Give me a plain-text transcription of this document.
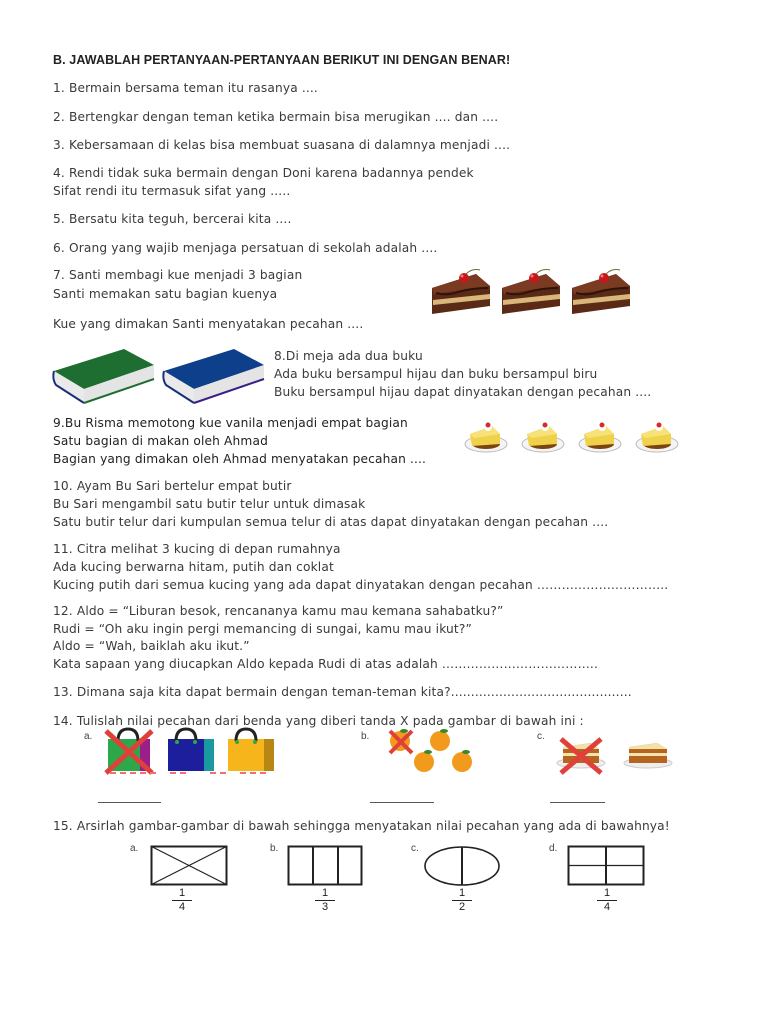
B. JAWABLAH PERTANYAAN-PERTANYAAN BERIKUT INI DENGAN BENAR!
1. Bermain bersama teman itu rasanya ....
2. Bertengkar dengan teman ketika bermain bisa merugikan .... dan ....
3. Kebersamaan di kelas bisa membuat suasana di dalamnya menjadi ....
4. Rendi tidak suka bermain dengan Doni karena badannya pendek
Sifat rendi itu termasuk sifat yang .....
5. Bersatu kita teguh, bercerai kita ....
6. Orang yang wajib menjaga persatuan di sekolah adalah ....
7. Santi membagi kue menjadi 3 bagian
Santi memakan satu bagian kuenya
Kue yang dimakan Santi menyatakan pecahan ....
8.Di meja ada dua buku
Ada buku bersampul hijau dan buku bersampul biru
Buku bersampul hijau dapat dinyatakan dengan pecahan ....
9.Bu Risma memotong kue vanila menjadi empat bagian
Satu bagian di makan oleh Ahmad
Bagian yang dimakan oleh Ahmad menyatakan pecahan ....
10. Ayam Bu Sari bertelur empat butir
Bu Sari mengambil satu butir telur untuk dimasak
Satu butir telur dari kumpulan semua telur di atas dapat dinyatakan dengan pecahan ....
11. Citra melihat 3 kucing di depan rumahnya
Ada kucing berwarna hitam, putih dan coklat
Kucing putih dari semua kucing yang ada dapat dinyatakan dengan pecahan …………………………..
12. Aldo = “Liburan besok, rencananya kamu mau kemana sahabatku?”
Rudi = “Oh aku ingin pergi memancing di sungai, kamu mau ikut?”
Aldo = “Wah, baiklah aku ikut.”
Kata sapaan yang diucapkan Aldo kepada Rudi di atas adalah ………………………………..
13. Dimana saja kita dapat bermain dengan teman-teman kita?.............................................
14. Tulislah nilai pecahan dari benda yang diberi tanda X pada gambar di bawah ini :
a.	b.	c.
15. Arsirlah gambar-gambar di bawah sehingga menyatakan nilai pecahan yang ada di bawahnya!
a.
1
4
b.
1
3
c.
1
2
d.
1
4
